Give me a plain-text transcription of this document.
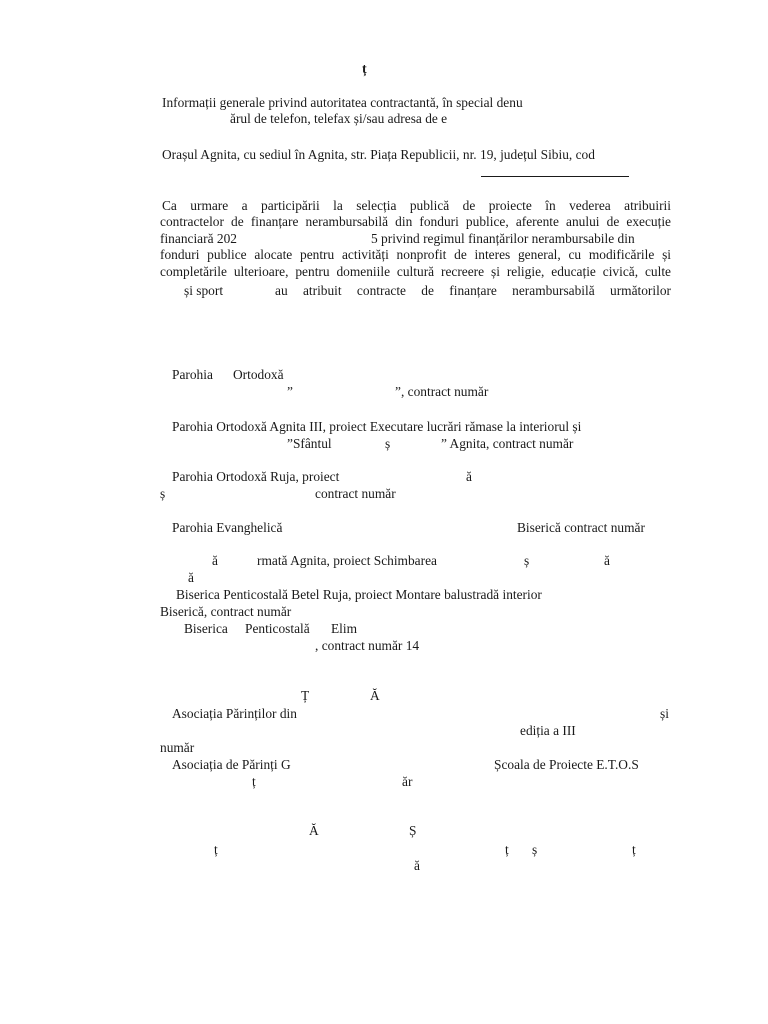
ț
Informații generale privind autoritatea contractantă, în special denu
ărul de telefon, telefax și/sau adresa de e
Orașul Agnita, cu sediul în Agnita, str. Piața Republicii, nr. 19, județul Sibiu, cod
Ca urmare a participării la selecția publică de proiecte în vederea atribuirii
contractelor de finanțare nerambursabilă din fonduri publice, aferente anului de execuție
financiară 202	5 privind regimul finanțărilor nerambursabile din
fonduri publice alocate pentru activități nonprofit de interes general, cu modificările și
completările ulterioare, pentru domeniile cultură recreere și religie, educație civică, culte
și sport	au atribuit contracte de finanțare nerambursabilă următorilor
Parohia Ortodoxă
”	”, contract număr
Parohia Ortodoxă Agnita III, proiect Executare lucrări rămase la interiorul și
”Sfântul	ș	” Agnita, contract număr
Parohia Ortodoxă Ruja, proiect	ă
ș	contract număr
Parohia Evanghelică	Biserică contract număr
rmată Agnita, proiect Schimbarea	ș	ă
ă
ă
Biserica Penticostală Betel Ruja, proiect Montare balustradă interior
Biserică, contract număr
Biserica Penticostală Elim
, contract număr 14
Ț	Ă
Asociația Părinților din	și
ediția a III
număr
Asociația de Părinți G	Școala de Proiecte E.T.O.S
ț	ăr
Ă	Ș
ț	ț ș	ț
ă
